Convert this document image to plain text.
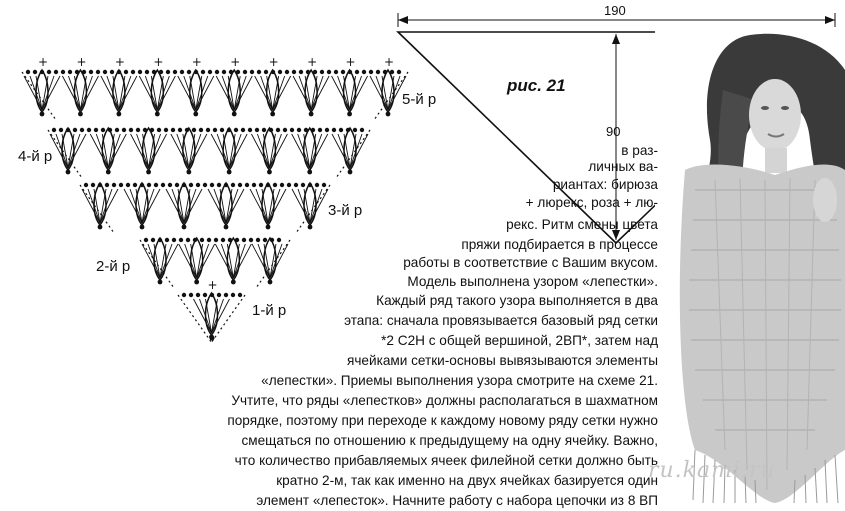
+ + + + + + + + + +
+
5-й р
4-й р
3-й р
2-й р
1-й р
190
90
рис. 21
в раз-
личных ва-
риантах: бирюза
+ люрекс, роза + лю-
рекс. Ритм смены цвета
пряжи подбирается в процессе
работы в соответствие с Вашим вкусом.
Модель выполнена узором «лепестки».
Каждый ряд такого узора выполняется в два
этапа: сначала провязывается базовый ряд сетки
*2 С2Н с общей вершиной, 2ВП*, затем над
ячейками сетки-основы вывязываются элементы
«лепестки». Приемы выполнения узора смотрите на схеме 21.
Учтите, что ряды «лепестков» должны располагаться в шахматном
порядке, поэтому при переходе к каждому новому ряду сетки нужно
смещаться по отношению к предыдущему на одну ячейку. Важно,
что количество прибавляемых ячеек филейной сетки должно быть
кратно 2-м, так как именно на двух ячейках базируется один
элемент «лепесток». Начните работу с набора цепочки из 8 ВП
ru.kami.ru
